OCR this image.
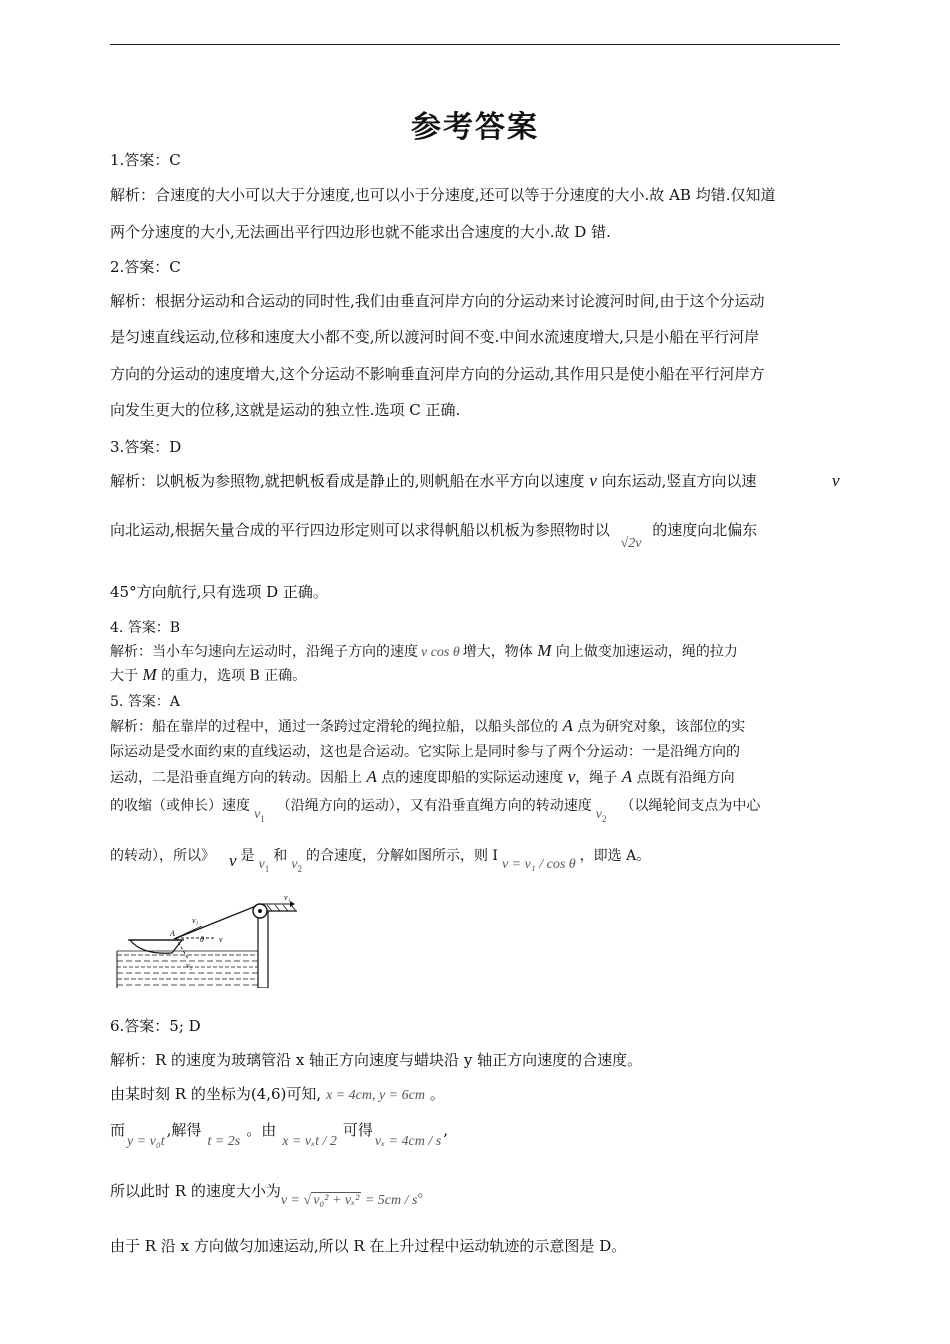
参考答案
1.答案：C
解析：合速度的大小可以大于分速度,也可以小于分速度,还可以等于分速度的大小.故 AB 均错.仅知道
两个分速度的大小,无法画出平行四边形也就不能求出合速度的大小.故 D 错.
2.答案：C
解析：根据分运动和合运动的同时性,我们由垂直河岸方向的分运动来讨论渡河时间,由于这个分运动
是匀速直线运动,位移和速度大小都不变,所以渡河时间不变.中间水流速度增大,只是小船在平行河岸
方向的分运动的速度增大,这个分运动不影响垂直河岸方向的分运动,其作用只是使小船在平行河岸方
向发生更大的位移,这就是运动的独立性.选项 C 正确.
3.答案：D
解析：以帆板为参照物,就把帆板看成是静止的,则帆船在水平方向以速度 v 向东运动,竖直方向以速	v
向北运动,根据矢量合成的平行四边形定则可以求得帆船以机板为参照物时以 √2v 的速度向北偏东
45°方向航行,只有选项 D 正确。
4. 答案：B
解析：当小车匀速向左运动时，沿绳子方向的速度 v cos θ 增大，物体 M 向上做变加速运动，绳的拉力
大于 M 的重力，选项 B 正确。
5. 答案：A
解析：船在靠岸的过程中，通过一条跨过定滑轮的绳拉船，以船头部位的 A 点为研究对象，该部位的实
际运动是受水面约束的直线运动，这也是合运动。它实际上是同时参与了两个分运动：一是沿绳方向的
运动，二是沿垂直绳方向的转动。因船上 A 点的速度即船的实际运动速度 v，绳子 A 点既有沿绳方向
的收缩（或伸长）速度$v_1$（沿绳方向的运动），又有沿垂直绳方向的转动速度$v_2$（以绳轮间支点为中心
的转动），所以》 v 是$v_1$和$v_2$的合速度，分解如图所示，则 Iv = v₁ / cos θ，即选 A。
v₁
A
θ v
v₁
v₂
6.答案：5; D
解析：R 的速度为玻璃管沿 x 轴正方向速度与蜡块沿 y 轴正方向速度的合速度。
由某时刻 R 的坐标为(4,6)可知, x = 4cm, y = 6cm 。
而y = v₀t,解得t = 2s。由x = vₓt / 2可得vₓ = 4cm / s,
所以此时 R 的速度大小为v = √ v₀² + vₓ² = 5cm / s。
由于 R 沿 x 方向做匀加速运动,所以 R 在上升过程中运动轨迹的示意图是 D。
